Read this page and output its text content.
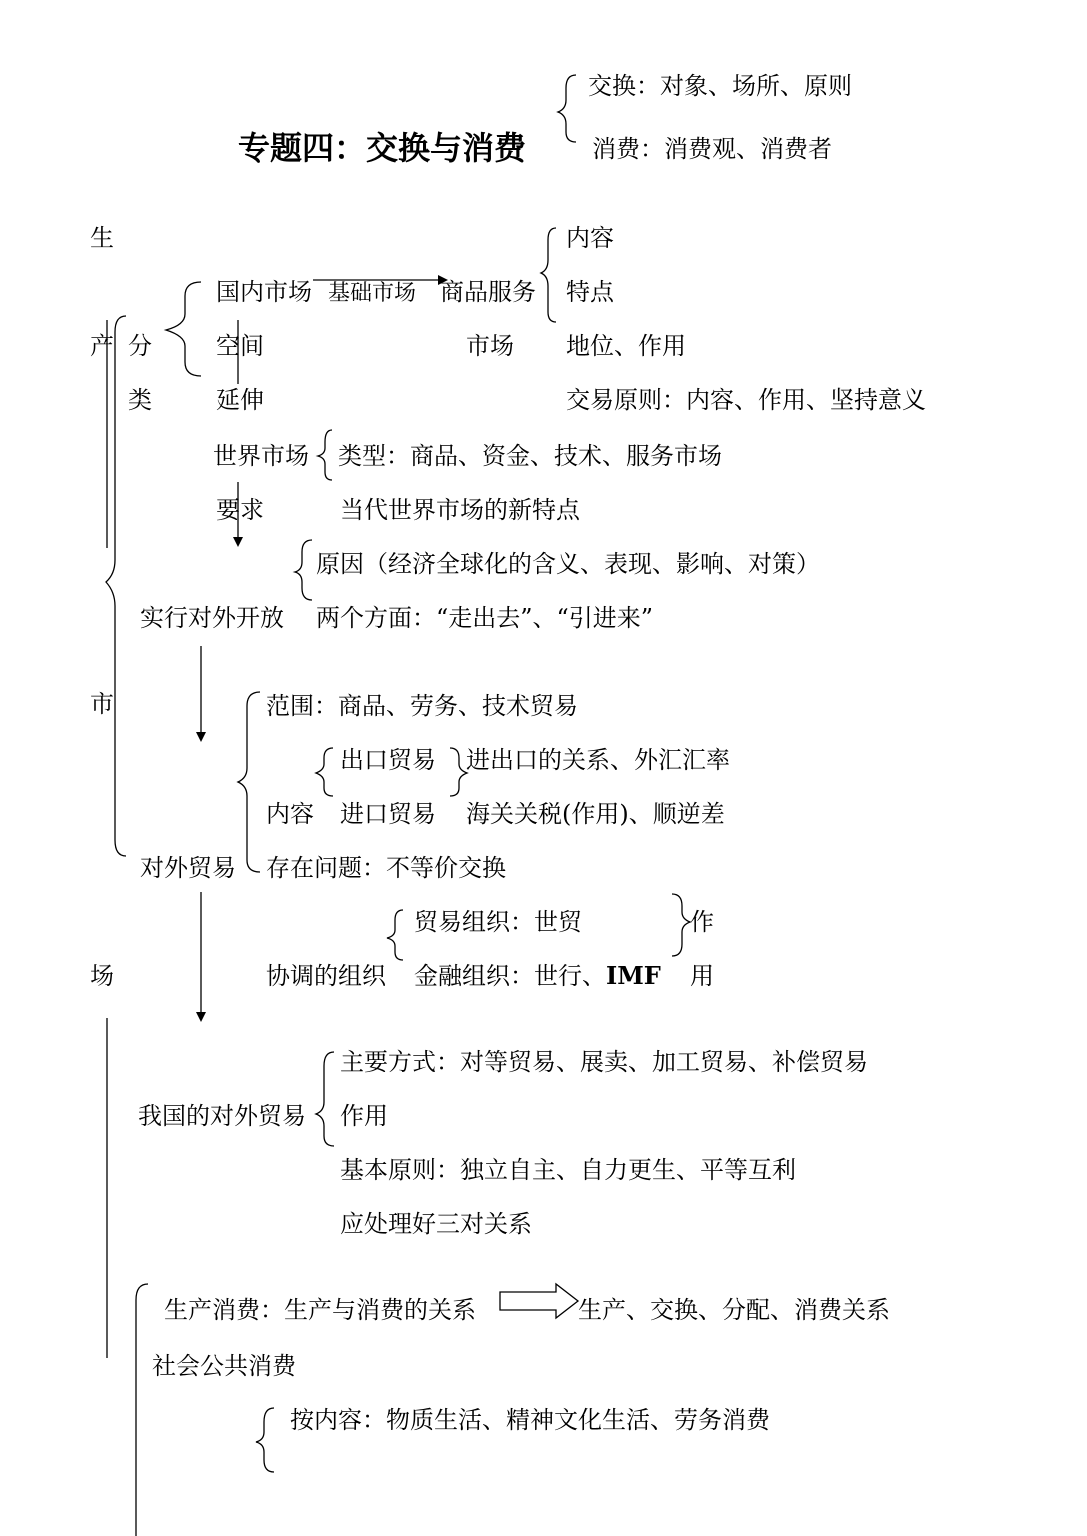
专题四：交换与消费
交换：对象、场所、原则
消费：消费观、消费者
生
产
市
场
分
类
国内市场 基础市场 商品服务
空间	市场
延伸
内容
特点
地位、作用
交易原则：内容、作用、坚持意义
世界市场 类型：商品、资金、技术、服务市场
要求	当代世界市场的新特点
原因（经济全球化的含义、表现、影响、对策）
实行对外开放 两个方面：“走出去”、“引进来”
范围：商品、劳务、技术贸易
出口贸易 进出口的关系、外汇汇率
内容 进口贸易 海关关税(作用)、顺逆差
对外贸易 存在问题：不等价交换
贸易组织：世贸	作
协调的组织 金融组织：世行、IMF 用
主要方式：对等贸易、展卖、加工贸易、补偿贸易
我国的对外贸易 作用
基本原则：独立自主、自力更生、平等互利
应处理好三对关系
生产消费：生产与消费的关系	生产、交换、分配、消费关系
社会公共消费
按内容：物质生活、精神文化生活、劳务消费
